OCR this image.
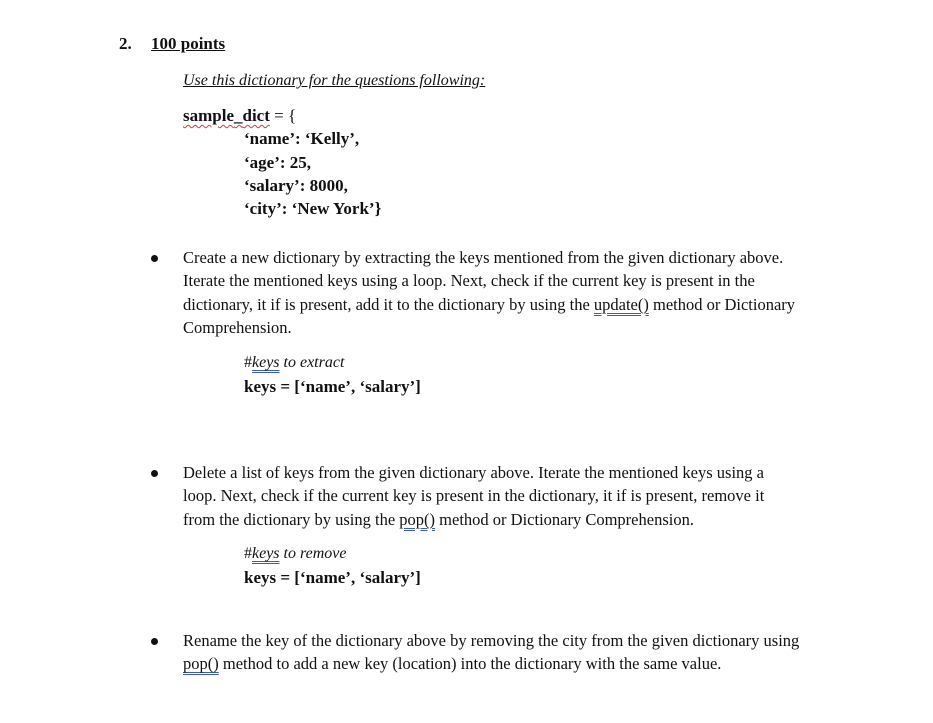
2. 100 points
Use this dictionary for the questions following:
sample_dict = {
‘name’: ‘Kelly’,
‘age’: 25,
‘salary’: 8000,
‘city’: ‘New York’}
Create a new dictionary by extracting the keys mentioned from the given dictionary above.
Iterate the mentioned keys using a loop. Next, check if the current key is present in the
dictionary, it if is present, add it to the dictionary by using the update() method or Dictionary
Comprehension.
#keys to extract
keys = [‘name’, ‘salary’]
Delete a list of keys from the given dictionary above. Iterate the mentioned keys using a
loop. Next, check if the current key is present in the dictionary, it if is present, remove it
from the dictionary by using the pop() method or Dictionary Comprehension.
#keys to remove
keys = [‘name’, ‘salary’]
Rename the key of the dictionary above by removing the city from the given dictionary using
pop() method to add a new key (location) into the dictionary with the same value.
